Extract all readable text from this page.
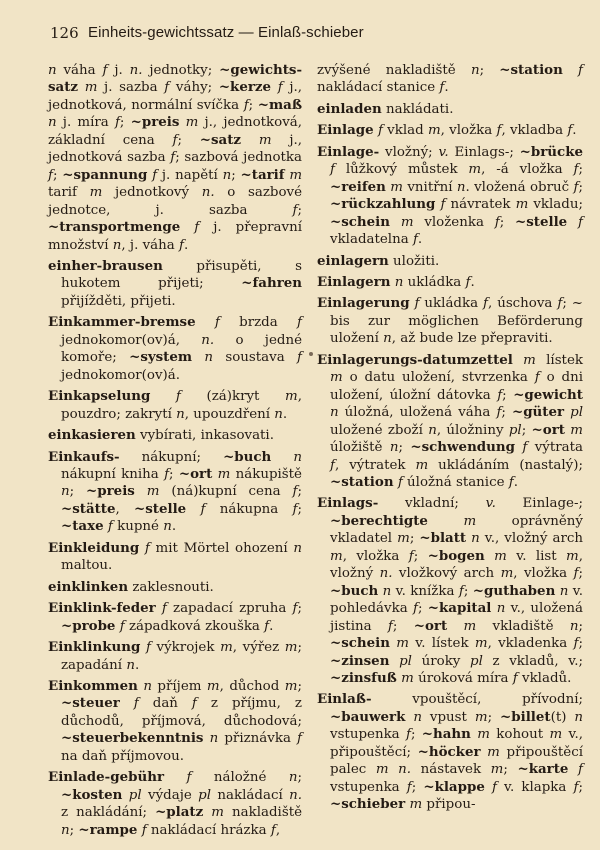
126 Einheits-gewichtssatz — Einlaß-schieber

n váha f j. n. jednotky; ~gewichts-satz m j. sazba f váhy; ~kerze f j., jednotková, normální svíčka f; ~maß n j. míra f; ~preis m j., jednotková, základní cena f; ~satz m j., jednotková sazba f; sazbová jednotka f; ~spannung f j. napětí n; ~tarif m tarif m jednotkový n. o sazbové jednotce, j. sazba f; ~transportmenge f j. přepravní množství n, j. váha f.

einher-brausen přisupěti, s hukotem přijeti; ~fahren přijížděti, přijeti.

Einkammer-bremse f brzda f jednokomor(ov)á, n. o jedné komoře; ~system n soustava f jednokomor(ov)á.

Einkapselung f (zá)kryt m, pouzdro; zakrytí n, upouzdření n.

einkasieren vybírati, inkasovati.

Einkaufs- nákupní; ~buch n nákupní kniha f; ~ort m nákupiště n; ~preis m (ná)kupní cena f; ~stätte, ~stelle f nákupna f; ~taxe f kupné n.

Einkleidung f mit Mörtel ohození n maltou.

einklinken zaklesnouti.

Einklink-feder f zapadací zpruha f; ~probe f západková zkouška f.

Einklinkung f výkrojek m, výřez m; zapadání n.

Einkommen n příjem m, důchod m; ~steuer f daň f z příjmu, z důchodů, příjmová, důchodová; ~steuerbekenntnis n přiznávka f na daň příjmovou.

Einlade-gebühr f náložné n; ~kosten pl výdaje pl nakládací n. z nakládání; ~platz m nakladiště n; ~rampe f nakládací hrázka f,

zvýšené nakladiště n; ~station f nakládací stanice f.

einladen nakládati.

Einlage f vklad m, vložka f, vkladba f.

Einlage- vložný; v. Einlags-; ~brücke f lůžkový můstek m, -á vložka f; ~reifen m vnitřní n. vložená obruč f; ~rückzahlung f návratek m vkladu; ~schein m vloženka f; ~stelle f vkladatelna f.

einlagern uložiti.

Einlagern n ukládka f.

Einlagerung f ukládka f, úschova f; ~ bis zur möglichen Beförderung uložení n, až bude lze přepraviti.

Einlagerungs-datumzettel m lístek m o datu uložení, stvrzenka f o dni uložení, úložní dátovka f; ~gewicht n úložná, uložená váha f; ~güter pl uložené zboží n, úložniny pl; ~ort m úložiště n; ~schwendung f výtrata f, výtratek m ukládáním (nastalý); ~station f úložná stanice f.

Einlags- vkladní; v. Einlage-; ~berechtigte	m oprávněný vkladatel m; ~blatt n v., vložný arch m, vložka f; ~bogen m v. list m, vložný n. vložkový arch m, vložka f; ~buch n v. knížka f; ~guthaben n v. pohledávka f; ~kapital n v., uložená jistina f; ~ort m vkladiště n; ~schein m v. lístek m, vkladenka f; ~zinsen pl úroky pl z vkladů, v.; ~zinsfuß m úroková míra f vkladů.

Einlaß- vpouštěcí, přívodní; ~bauwerk n vpust m; ~billet(t) n vstupenka f; ~hahn m kohout m v., připouštěcí; ~höcker m připouštěcí palec m n. nástavek m; ~karte f vstupenka f; ~klappe f v. klapka f; ~schieber m připou-
